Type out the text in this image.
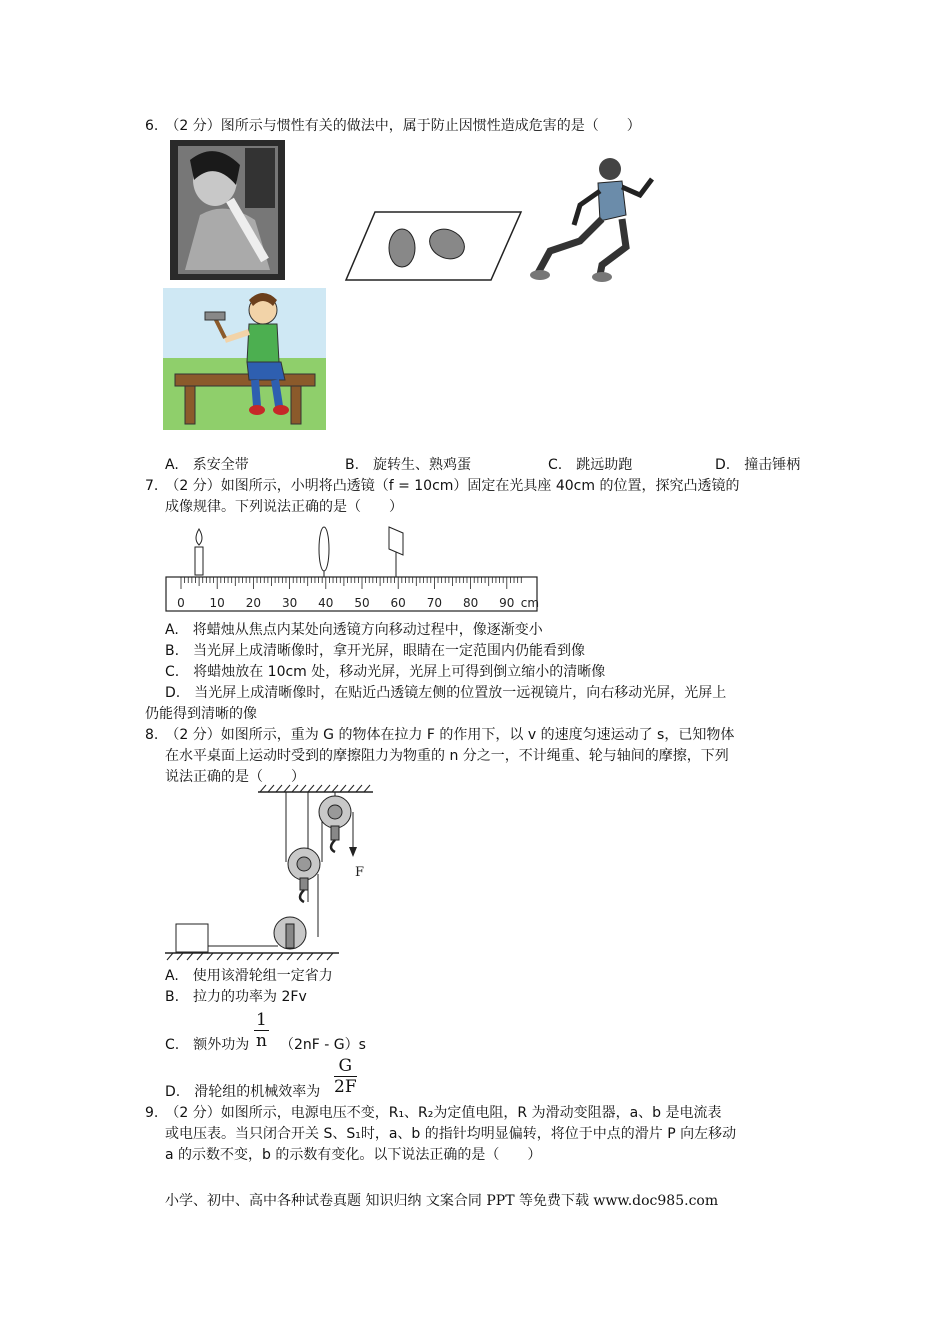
6.　（2 分）图所示与惯性有关的做法中，属于防止因惯性造成危害的是（　　）
A.　系安全带	B.　旋转生、熟鸡蛋	C.　跳远助跑	D.　撞击锤柄
7.　（2 分）如图所示，小明将凸透镜（f = 10cm）固定在光具座 40cm 的位置，探究凸透镜的
成像规律。下列说法正确的是（　　）
0 10 20 30 40 50 60 70 80 90 cm
A.　将蜡烛从焦点内某处向透镜方向移动过程中，像逐渐变小
B.　当光屏上成清晰像时，拿开光屏，眼睛在一定范围内仍能看到像
C.　将蜡烛放在 10cm 处，移动光屏，光屏上可得到倒立缩小的清晰像
D.　当光屏上成清晰像时，在贴近凸透镜左侧的位置放一远视镜片，向右移动光屏，光屏上
仍能得到清晰的像
8.　（2 分）如图所示，重为 G 的物体在拉力 F 的作用下，以 v 的速度匀速运动了 s，已知物体
在水平桌面上运动时受到的摩擦阻力为物重的 n 分之一，不计绳重、轮与轴间的摩擦，下列
说法正确的是（　　）
F
A.　使用该滑轮组一定省力
B.　拉力的功率为 2Fv
C.　额外功为 $\frac{1}{n} (2nF - G)s$
D.　滑轮组的机械效率为 $\frac{G}{2F}$
9.　（2 分）如图所示，电源电压不变，R₁、R₂为定值电阻，R 为滑动变阻器，a、b 是电流表
或电压表。当只闭合开关 S、S₁时，a、b 的指针均明显偏转，将位于中点的滑片 P 向左移动
a 的示数不变，b 的示数有变化。以下说法正确的是（　　）
小学、初中、高中各种试卷真题 知识归纳 文案合同 PPT 等免费下载 www.doc985.com
